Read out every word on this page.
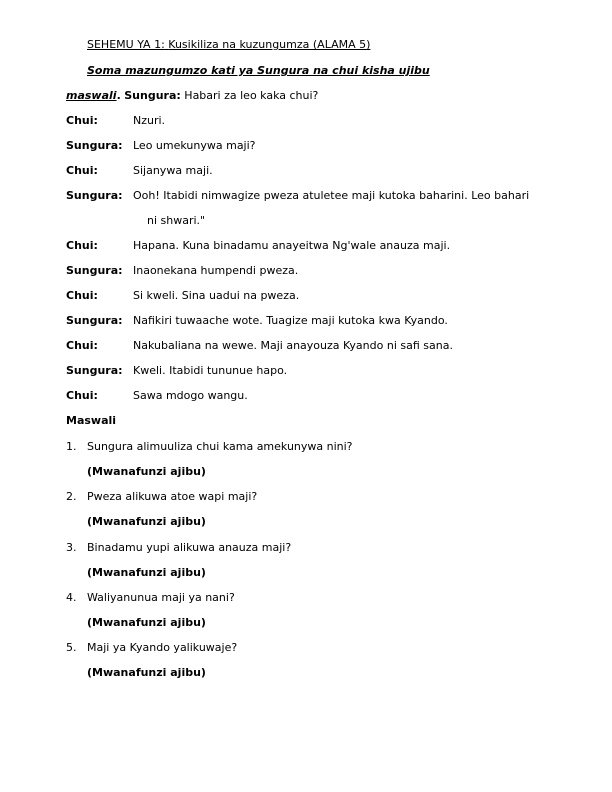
SEHEMU YA 1: Kusikiliza na kuzungumza (ALAMA 5)
Soma mazungumzo kati ya Sungura na chui kisha ujibu
maswali. Sungura: Habari za leo kaka chui?
Chui:	Nzuri.
Sungura: Leo umekunywa maji?
Chui:	Sijanywa maji.
Sungura: Ooh! Itabidi nimwagize pweza atuletee maji kutoka baharini. Leo bahari
ni shwari."
Chui:	Hapana. Kuna binadamu anayeitwa Ng'wale anauza maji.
Sungura: Inaonekana humpendi pweza.
Chui:	Si kweli. Sina uadui na pweza.
Sungura: Nafikiri tuwaache wote. Tuagize maji kutoka kwa Kyando.
Chui:	Nakubaliana na wewe. Maji anayouza Kyando ni safi sana.
Sungura: Kweli. Itabidi tununue hapo.
Chui:	Sawa mdogo wangu.
Maswali
1. Sungura alimuuliza chui kama amekunywa nini?
(Mwanafunzi ajibu)
2. Pweza alikuwa atoe wapi maji?
(Mwanafunzi ajibu)
3. Binadamu yupi alikuwa anauza maji?
(Mwanafunzi ajibu)
4. Waliyanunua maji ya nani?
(Mwanafunzi ajibu)
5. Maji ya Kyando yalikuwaje?
(Mwanafunzi ajibu)
